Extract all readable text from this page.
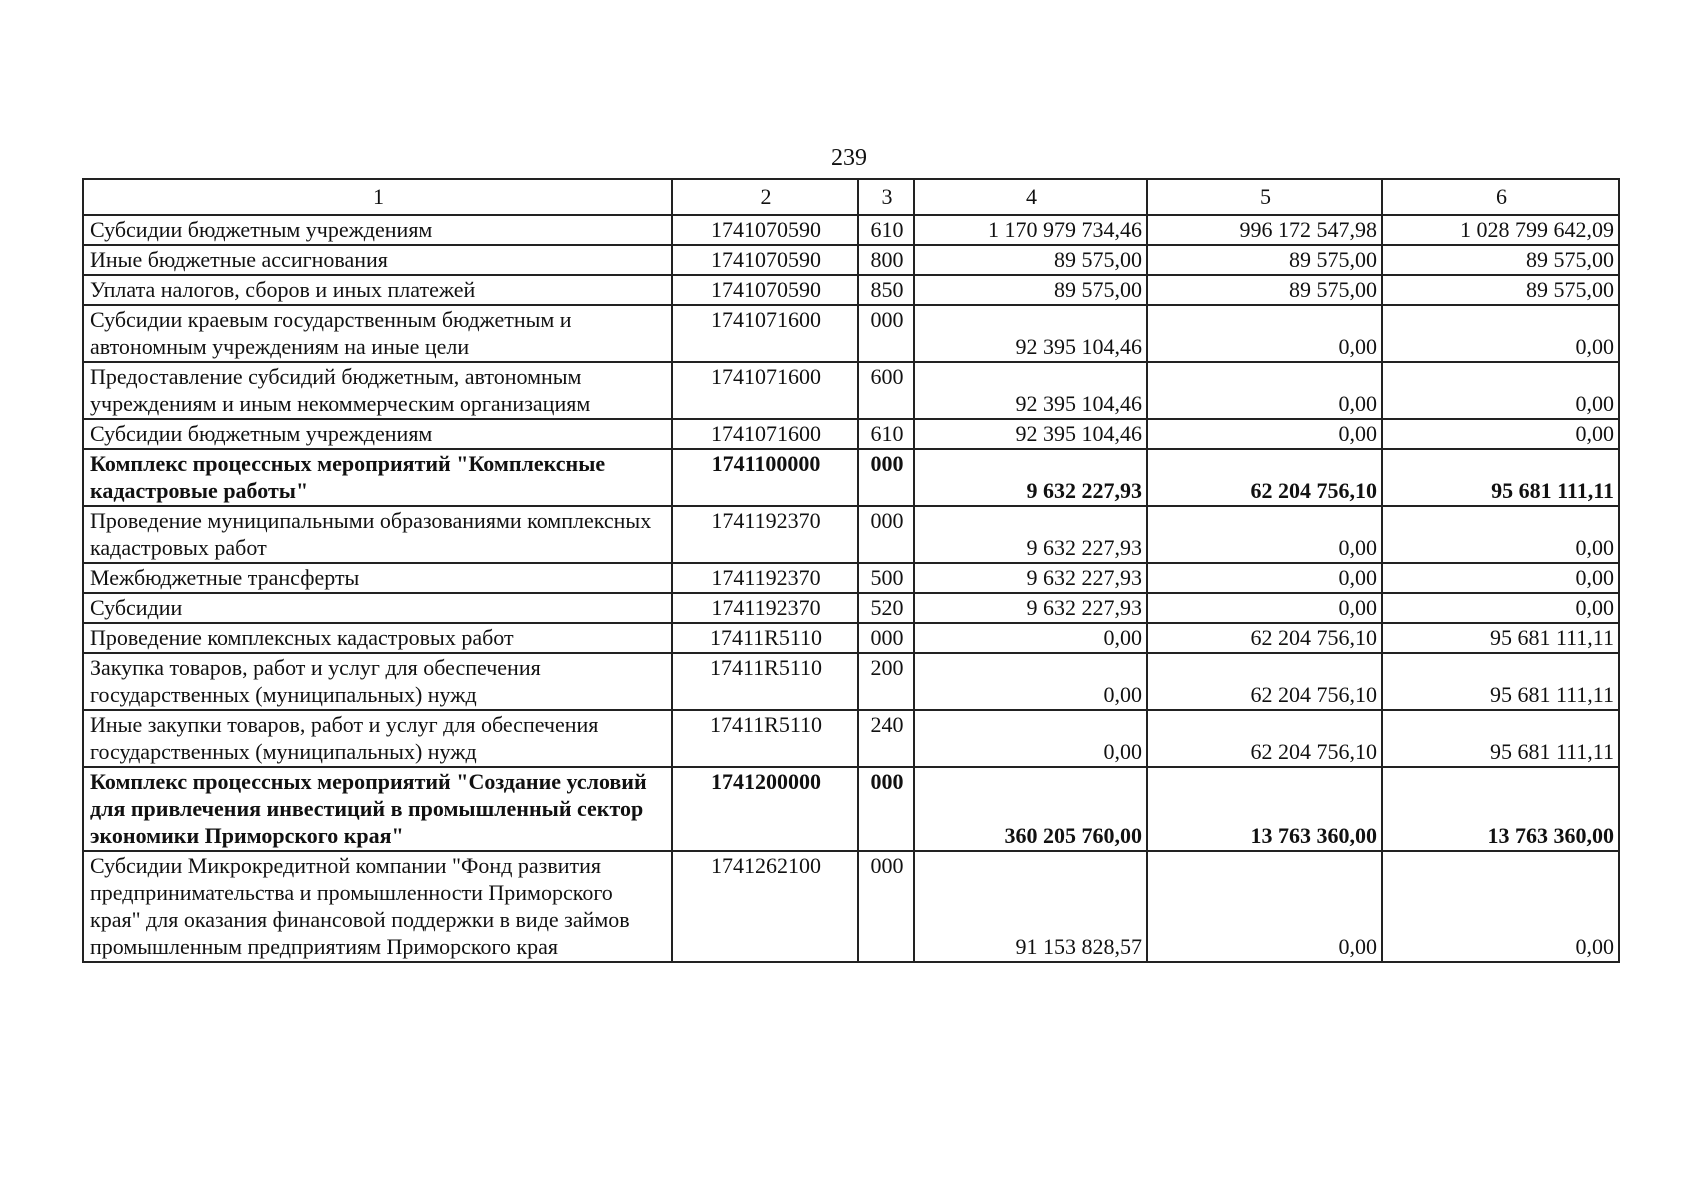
239
1	2	3	4	5	6
Субсидии бюджетным учреждениям	1741070590	610	1 170 979 734,46	996 172 547,98	1 028 799 642,09
Иные бюджетные ассигнования	1741070590	800	89 575,00	89 575,00	89 575,00
Уплата налогов, сборов и иных платежей	1741070590	850	89 575,00	89 575,00	89 575,00
Субсидии краевым государственным бюджетным и автономным учреждениям на иные цели	1741071600	000	92 395 104,46	0,00	0,00
Предоставление субсидий бюджетным, автономным учреждениям и иным некоммерческим организациям	1741071600	600	92 395 104,46	0,00	0,00
Субсидии бюджетным учреждениям	1741071600	610	92 395 104,46	0,00	0,00
Комплекс процессных мероприятий "Комплексные кадастровые работы"	1741100000	000	9 632 227,93	62 204 756,10	95 681 111,11
Проведение муниципальными образованиями комплексных кадастровых работ	1741192370	000	9 632 227,93	0,00	0,00
Межбюджетные трансферты	1741192370	500	9 632 227,93	0,00	0,00
Субсидии	1741192370	520	9 632 227,93	0,00	0,00
Проведение комплексных кадастровых работ	17411R5110	000	0,00	62 204 756,10	95 681 111,11
Закупка товаров, работ и услуг для обеспечения государственных (муниципальных) нужд	17411R5110	200	0,00	62 204 756,10	95 681 111,11
Иные закупки товаров, работ и услуг для обеспечения государственных (муниципальных) нужд	17411R5110	240	0,00	62 204 756,10	95 681 111,11
Комплекс процессных мероприятий "Создание условий для привлечения инвестиций в промышленный сектор экономики Приморского края"	1741200000	000	360 205 760,00	13 763 360,00	13 763 360,00
Субсидии Микрокредитной компании "Фонд развития предпринимательства и промышленности Приморского края" для оказания финансовой поддержки в виде займов промышленным предприятиям Приморского края	1741262100	000	91 153 828,57	0,00	0,00
